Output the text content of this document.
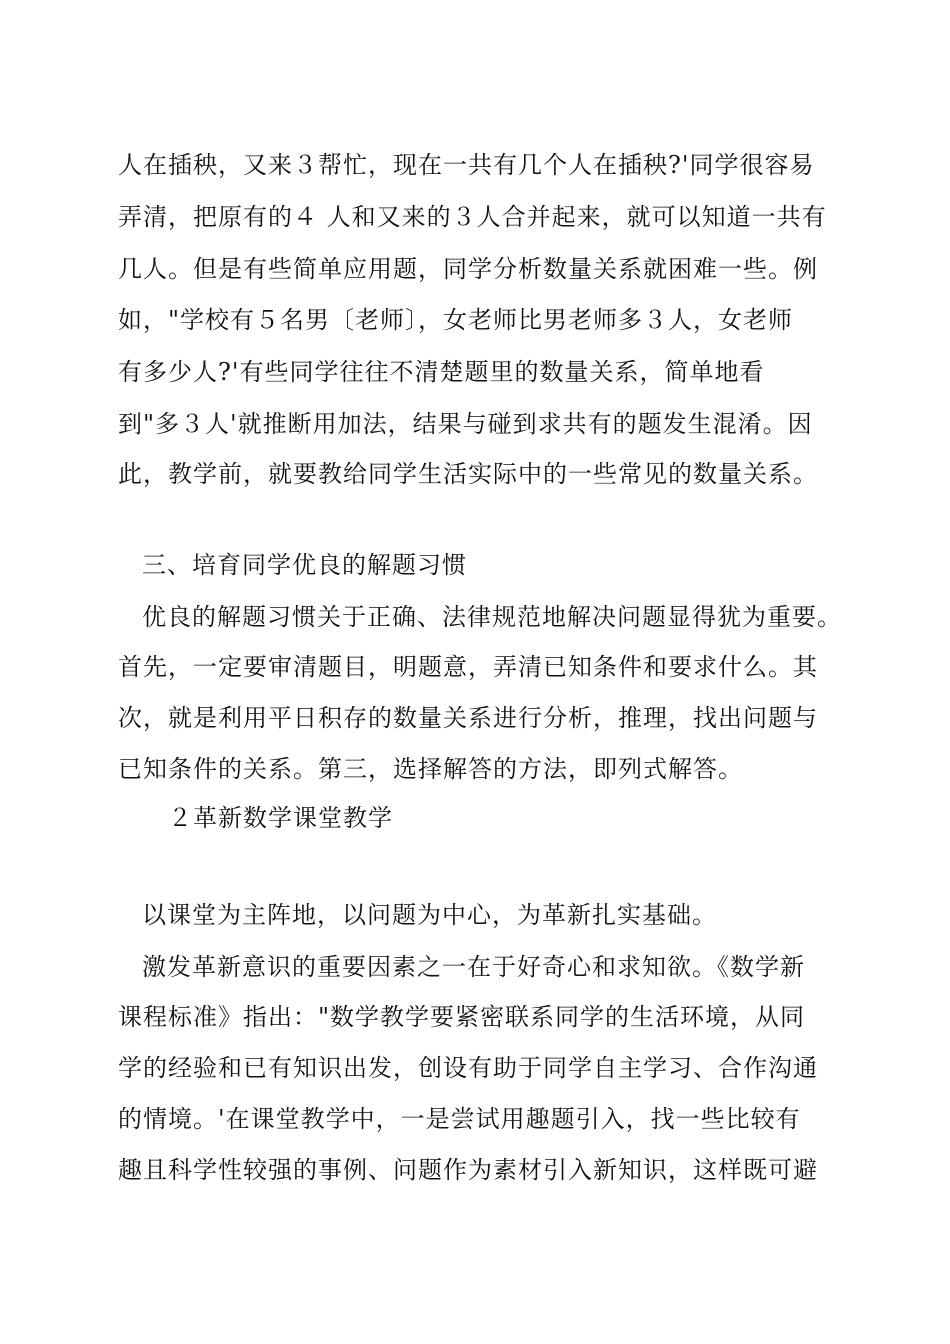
人在插秧，又来３帮忙，现在一共有几个人在插秧?'同学很容易
弄清，把原有的４ 人和又来的３人合并起来，就可以知道一共有
几人。但是有些简单应用题，同学分析数量关系就困难一些。例
如，"学校有５名男〔老师〕，女老师比男老师多３人，女老师
有多少人?'有些同学往往不清楚题里的数量关系，简单地看
到"多３人'就推断用加法，结果与碰到求共有的题发生混淆。因
此，教学前，就要教给同学生活实际中的一些常见的数量关系。
三、培育同学优良的解题习惯
优良的解题习惯关于正确、法律规范地解决问题显得犹为重要。
首先，一定要审清题目，明题意，弄清已知条件和要求什么。其
次，就是利用平日积存的数量关系进行分析，推理，找出问题与
已知条件的关系。第三，选择解答的方法，即列式解答。
２革新数学课堂教学
以课堂为主阵地，以问题为中心，为革新扎实基础。
激发革新意识的重要因素之一在于好奇心和求知欲。《数学新
课程标准》指出："数学教学要紧密联系同学的生活环境，从同
学的经验和已有知识出发，创设有助于同学自主学习、合作沟通
的情境。'在课堂教学中，一是尝试用趣题引入，找一些比较有
趣且科学性较强的事例、问题作为素材引入新知识，这样既可避
